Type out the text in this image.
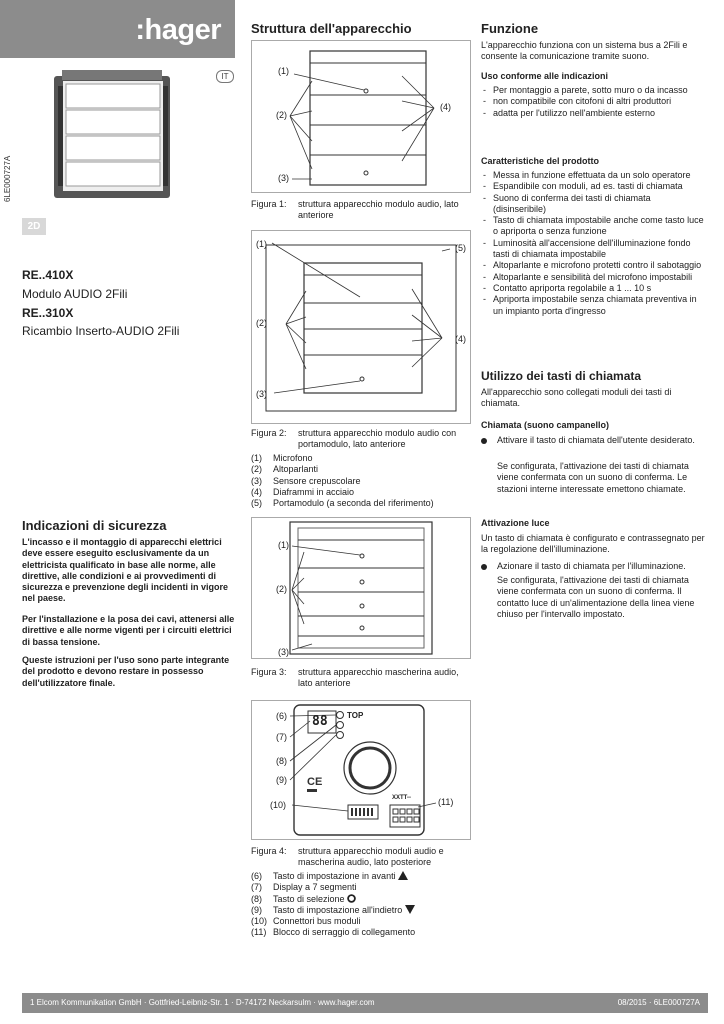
:hager
IT
6LE000727A
2D
RE..410X
Modulo AUDIO 2Fili
RE..310X
Ricambio Inserto-AUDIO 2Fili
Indicazioni di sicurezza
L'incasso e il montaggio di apparecchi elettrici deve essere eseguito esclusivamente da un elettricista qualificato in base alle norme, alle direttive, alle condizioni e ai provvedimenti di sicurezza e prevenzione degli incidenti in vigore nel paese.
Per l'installazione e la posa dei cavi, attenersi alle direttive e alle norme vigenti per i circuiti elettrici di bassa tensione.
Queste istruzioni per l'uso sono parte integrante del prodotto e devono restare in possesso dell'utilizzatore finale.
Struttura dell'apparecchio
_ _ _ _ _
(1)
(2)
(3)
(4)
Figura 1: struttura apparecchio modulo audio, lato anteriore
(1)
(2)
(3)
(4)
(5)
Figura 2: struttura apparecchio modulo audio con portamodulo, lato anteriore
(1) Microfono
(2) Altoparlanti
(3) Sensore crepuscolare
(4) Diaframmi in acciaio
(5) Portamodulo (a seconda del riferimento)
(1)
(2)
(3)
Figura 3: struttura apparecchio mascherina audio, lato anteriore
CE
(6)
(7)
(8)
(9)
(10)	(11)
TOP
88
XXTT--
Figura 4: struttura apparecchio moduli audio e mascherina audio, lato posteriore
(6) Tasto di impostazione in avanti
(7) Display a 7 segmenti
(8) Tasto di selezione
(9) Tasto di impostazione all'indietro
(10) Connettori bus moduli
(11) Blocco di serraggio di collegamento
Funzione
L'apparecchio funziona con un sistema bus a 2Fili e consente la comunicazione tramite suono.
Uso conforme alle indicazioni
- Per montaggio a parete, sotto muro o da incasso
- non compatibile con citofoni di altri produttori
- adatta per l'utilizzo nell'ambiente esterno
Caratteristiche del prodotto
- Messa in funzione effettuata da un solo operatore
- Espandibile con moduli, ad es. tasti di chiamata
- Suono di conferma dei tasti di chiamata (disinseribile)
- Tasto di chiamata impostabile anche come tasto luce o apriporta o senza funzione
- Luminosità all'accensione dell'illuminazione fondo tasti di chiamata impostabile
- Altoparlante e microfono protetti contro il sabotaggio
- Altoparlante e sensibilità del microfono impostabili
- Contatto apriporta regolabile a 1 ... 10 s
- Apriporta impostabile senza chiamata preventiva in un impianto porta d'ingresso
Utilizzo dei tasti di chiamata
All'apparecchio sono collegati moduli dei tasti di chiamata.
Chiamata (suono campanello)
Attivare il tasto di chiamata dell'utente desiderato.
Se configurata, l'attivazione dei tasti di chiamata viene confermata con un suono di conferma. Le stazioni interne interessate emettono chiamate.
Attivazione luce
Un tasto di chiamata è configurato e contrassegnato per la regolazione dell'illuminazione.
Azionare il tasto di chiamata per l'illuminazione.
Se configurata, l'attivazione dei tasti di chiamata viene confermata con un suono di conferma. Il contatto luce di un'alimentazione della linea viene chiuso per l'intervallo impostato.
1 Elcom Kommunikation GmbH · Gottfried-Leibniz-Str. 1 · D-74172 Neckarsulm · www.hager.com	08/2015 · 6LE000727A
